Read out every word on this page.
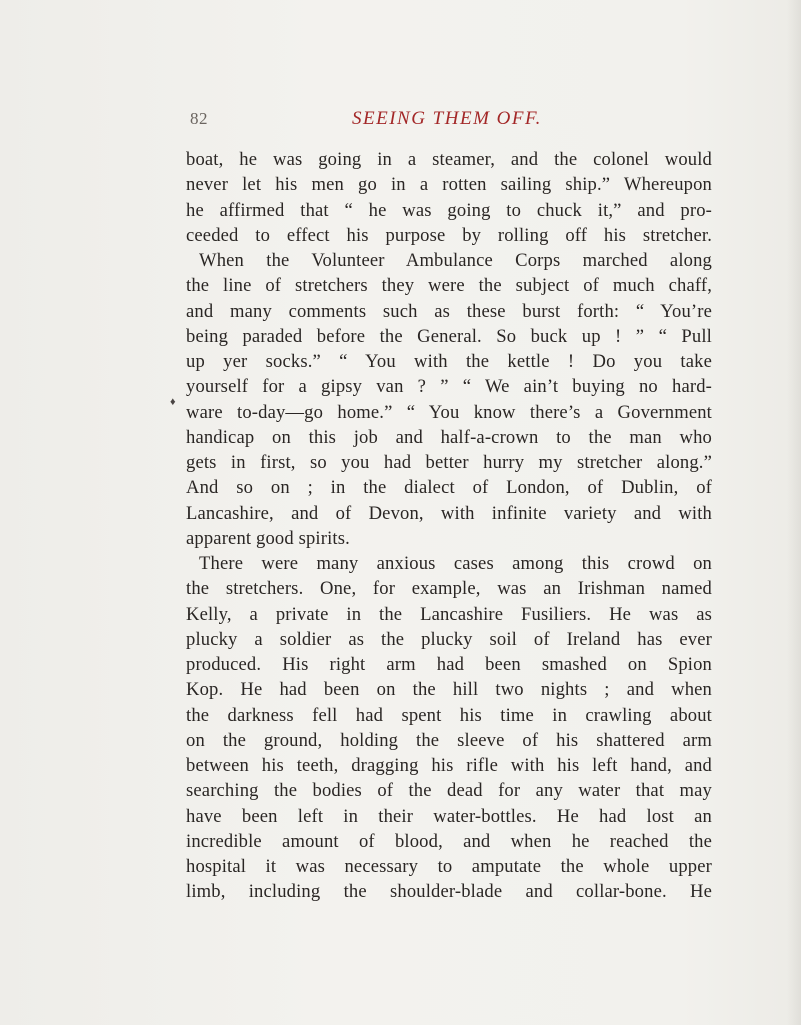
82	SEEING THEM OFF.
♦
boat, he was going in a steamer, and the colonel would
never let his men go in a rotten sailing ship.” Whereupon
he affirmed that “ he was going to chuck it,” and pro-
ceeded to effect his purpose by rolling off his stretcher.
When the Volunteer Ambulance Corps marched along
the line of stretchers they were the subject of much chaff,
and many comments such as these burst forth: “ You’re
being paraded before the General. So buck up ! ” “ Pull
up yer socks.” “ You with the kettle ! Do you take
yourself for a gipsy van ? ” “ We ain’t buying no hard-
ware to-day—go home.” “ You know there’s a Government
handicap on this job and half-a-crown to the man who
gets in first, so you had better hurry my stretcher along.”
And so on ; in the dialect of London, of Dublin, of
Lancashire, and of Devon, with infinite variety and with
apparent good spirits.
There were many anxious cases among this crowd on
the stretchers. One, for example, was an Irishman named
Kelly, a private in the Lancashire Fusiliers. He was as
plucky a soldier as the plucky soil of Ireland has ever
produced. His right arm had been smashed on Spion
Kop. He had been on the hill two nights ; and when
the darkness fell had spent his time in crawling about
on the ground, holding the sleeve of his shattered arm
between his teeth, dragging his rifle with his left hand, and
searching the bodies of the dead for any water that may
have been left in their water-bottles. He had lost an
incredible amount of blood, and when he reached the
hospital it was necessary to amputate the whole upper
limb, including the shoulder-blade and collar-bone. He
